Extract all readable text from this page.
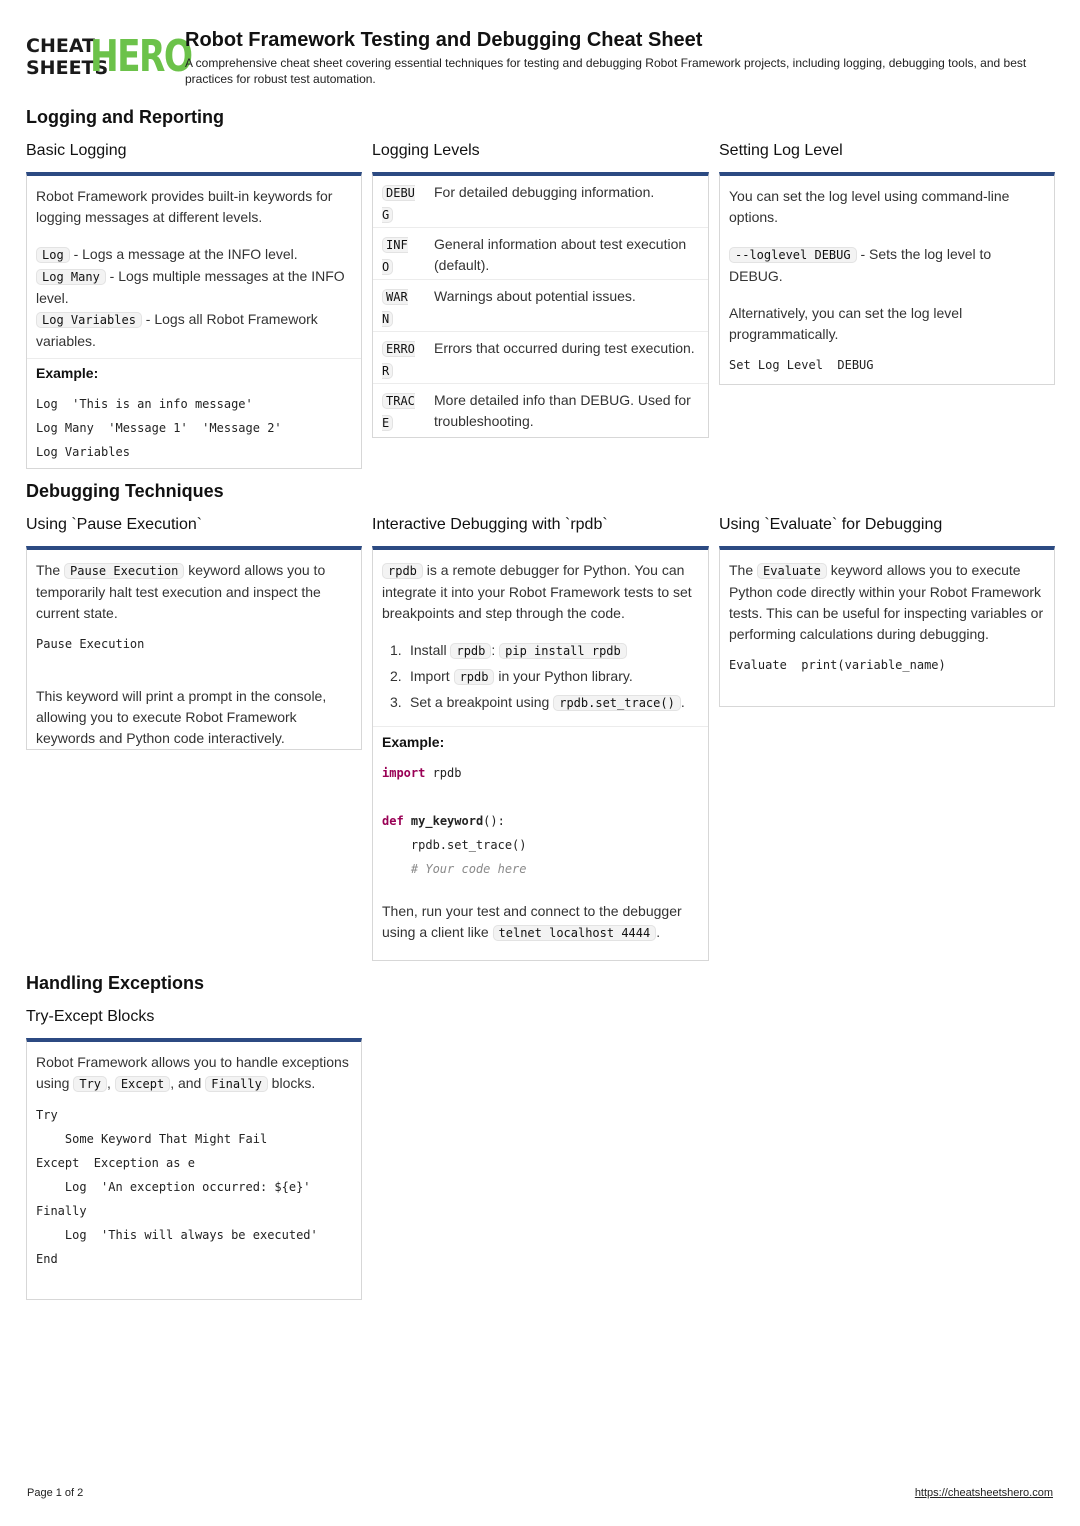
CHEAT
SHEETS
HERO
Robot Framework Testing and Debugging Cheat Sheet
A comprehensive cheat sheet covering essential techniques for testing and debugging Robot Framework projects, including logging, debugging tools, and best practices for robust test automation.
Logging and Reporting
Basic Logging
Robot Framework provides built-in keywords for logging messages at different levels.
Log - Logs a message at the INFO level.
Log Many - Logs multiple messages at the INFO level.
Log Variables - Logs all Robot Framework variables.
Example:
Log  'This is an info message'
Log Many  'Message 1'  'Message 2'
Log Variables
Logging Levels
DEBUG
For detailed debugging information.
INFO
General information about test execution (default).
WARN
Warnings about potential issues.
ERROR
Errors that occurred during test execution.
TRACE
More detailed info than DEBUG. Used for troubleshooting.
Setting Log Level
You can set the log level using command-line options.
--loglevel DEBUG - Sets the log level to DEBUG.
Alternatively, you can set the log level programmatically.
Set Log Level  DEBUG
Debugging Techniques
Using `Pause Execution`
The Pause Execution keyword allows you to temporarily halt test execution and inspect the current state.
Pause Execution
This keyword will print a prompt in the console, allowing you to execute Robot Framework keywords and Python code interactively.
Interactive Debugging with `rpdb`
rpdb is a remote debugger for Python. You can integrate it into your Robot Framework tests to set breakpoints and step through the code.
1. Install rpdb : pip install rpdb
2. Import rpdb in your Python library.
3. Set a breakpoint using rpdb.set_trace() .
Example:
import rpdb

def my_keyword():
rpdb.set_trace()
# Your code here
Then, run your test and connect to the debugger using a client like telnet localhost 4444 .
Using `Evaluate` for Debugging
The Evaluate keyword allows you to execute Python code directly within your Robot Framework tests. This can be useful for inspecting variables or performing calculations during debugging.
Evaluate  print(variable_name)
Handling Exceptions
Try-Except Blocks
Robot Framework allows you to handle exceptions using Try , Except , and Finally blocks.
Try
Some Keyword That Might Fail
Except  Exception as e
Log  'An exception occurred: ${e}'
Finally
Log  'This will always be executed'
End
Page 1 of 2	https://cheatsheetshero.com
